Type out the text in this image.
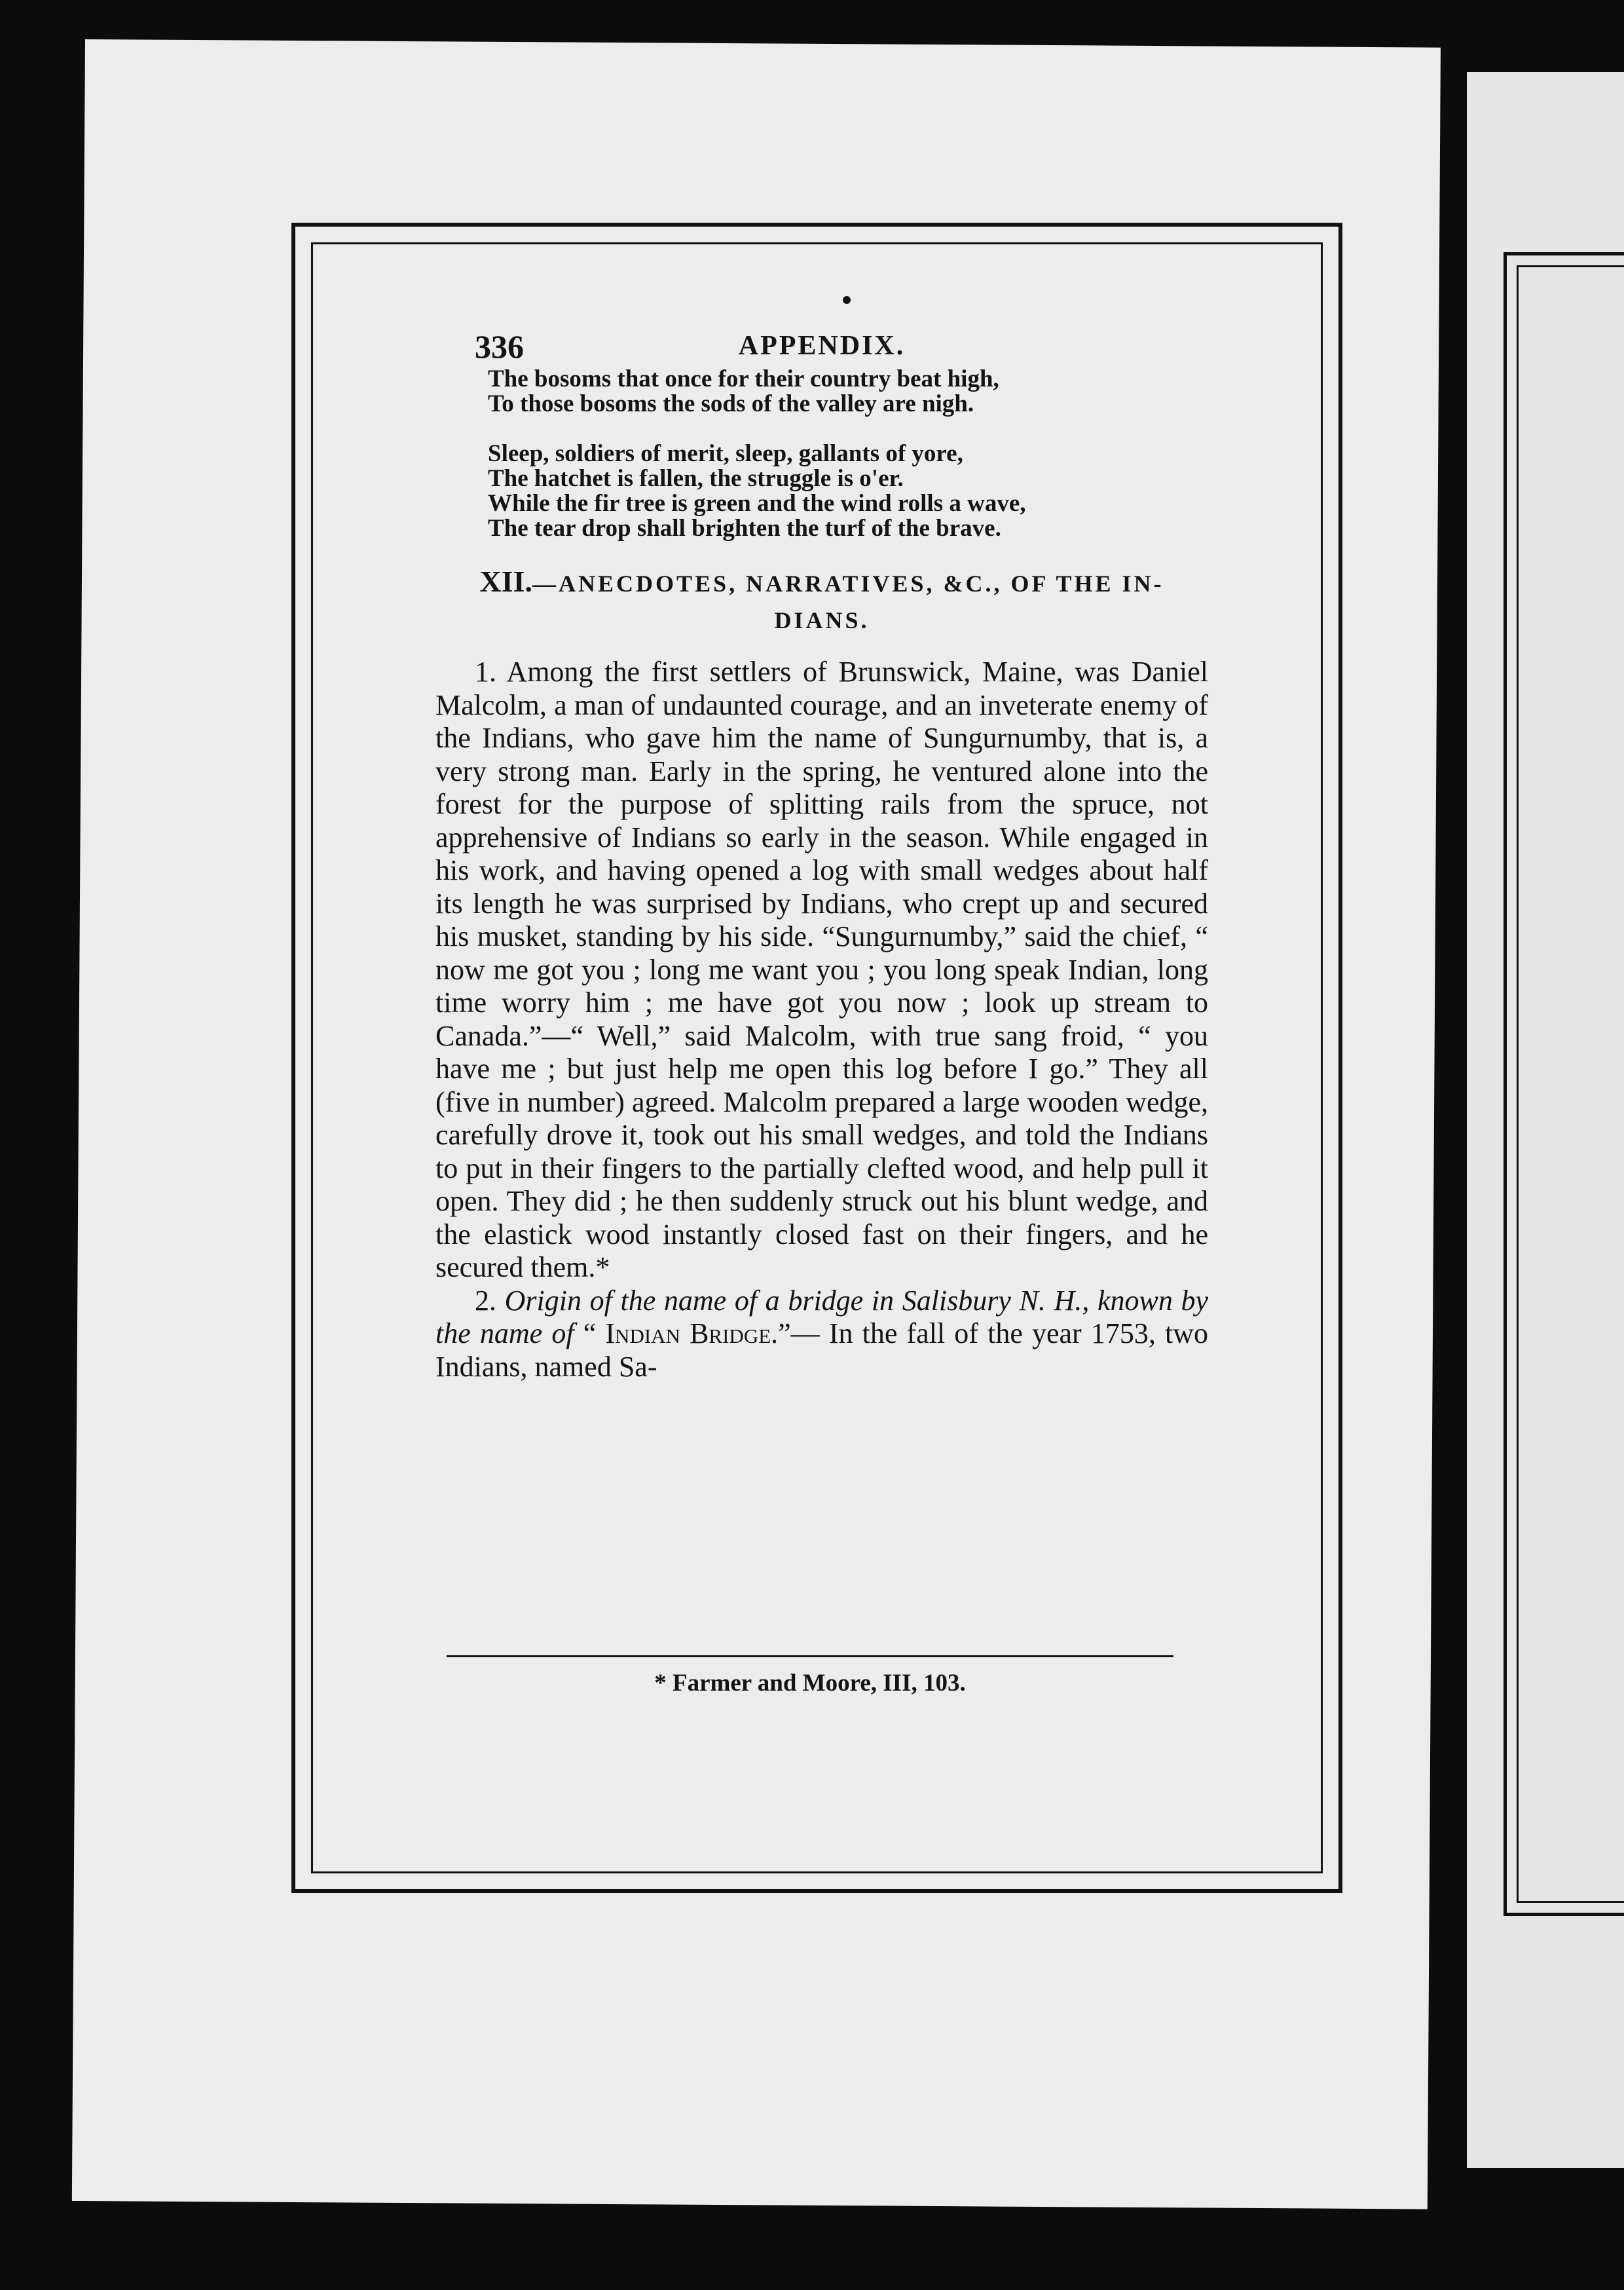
336	APPENDIX.
The bosoms that once for their country beat high,
To those bosoms the sods of the valley are nigh.
Sleep, soldiers of merit, sleep, gallants of yore,
The hatchet is fallen, the struggle is o'er.
While the fir tree is green and the wind rolls a wave,
The tear drop shall brighten the turf of the brave.
XII.—ANECDOTES, NARRATIVES, &C., OF THE IN-
DIANS.

1. Among the first settlers of Brunswick, Maine, was Daniel Malcolm, a man of undaunted courage, and an inveterate enemy of the Indians, who gave him the name of Sungurnumby, that is, a very strong man. Early in the spring, he ventured alone into the forest for the purpose of splitting rails from the spruce, not apprehensive of Indians so early in the season. While engaged in his work, and having opened a log with small wedges about half its length he was surprised by Indians, who crept up and secured his musket, standing by his side. “Sungurnumby,” said the chief, “ now me got you ; long me want you ; you long speak Indian, long time worry him ; me have got you now ; look up stream to Canada.”—“ Well,” said Malcolm, with true sang froid, “ you have me ; but just help me open this log before I go.” They all (five in number) agreed. Malcolm prepared a large wooden wedge, carefully drove it, took out his small wedges, and told the Indians to put in their fingers to the partially clefted wood, and help pull it open. They did ; he then suddenly struck out his blunt wedge, and the elastick wood instantly closed fast on their fingers, and he secured them.*

2. Origin of the name of a bridge in Salisbury N. H., known by the name of “ Indian Bridge.”— In the fall of the year 1753, two Indians, named Sa-

* Farmer and Moore, III, 103.
